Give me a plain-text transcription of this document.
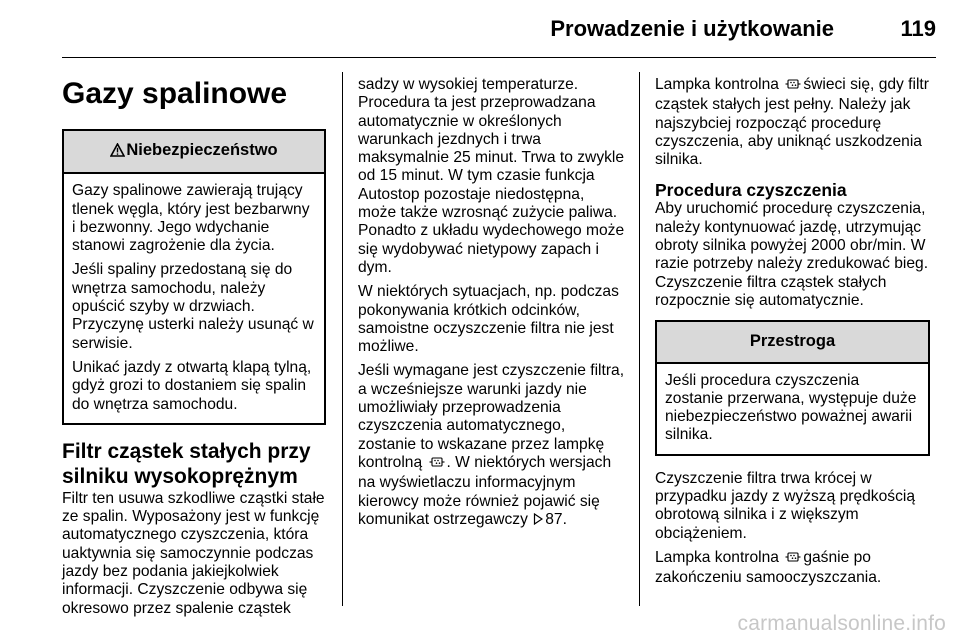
Prowadzenie i użytkowanie	119
Gazy spalinowe
Niebezpieczeństwo

Gazy spalinowe zawierają trujący tlenek węgla, który jest bezbarwny i bezwonny. Jego wdychanie stanowi zagrożenie dla życia.

Jeśli spaliny przedostaną się do wnętrza samochodu, należy opuścić szyby w drzwiach. Przyczynę usterki należy usunąć w serwisie.

Unikać jazdy z otwartą klapą tylną, gdyż grozi to dostaniem się spalin do wnętrza samochodu.

Filtr cząstek stałych przy silniku wysokoprężnym

Filtr ten usuwa szkodliwe cząstki stałe ze spalin. Wyposażony jest w funkcję automatycznego czyszczenia, która uaktywnia się samoczynnie podczas jazdy bez podania jakiejkolwiek informacji. Czyszczenie odbywa się okresowo przez spalenie cząstek

sadzy w wysokiej temperaturze. Procedura ta jest przeprowadzana automatycznie w określonych warunkach jezdnych i trwa maksymalnie 25 minut. Trwa to zwykle od 15 minut. W tym czasie funkcja Autostop pozostaje niedostępna, może także wzrosnąć zużycie paliwa. Ponadto z układu wydechowego może się wydobywać nietypowy zapach i dym.

W niektórych sytuacjach, np. podczas pokonywania krótkich odcinków, samoistne oczyszczenie filtra nie jest możliwe.

Jeśli wymagane jest czyszczenie filtra, a wcześniejsze warunki jazdy nie umożliwiały przeprowadzenia czyszczenia automatycznego, zostanie to wskazane przez lampkę kontrolną . W niektórych wersjach na wyświetlaczu informacyjnym kierowcy może również pojawić się komunikat ostrzegawczy 87.

Lampka kontrolna świeci się, gdy filtr cząstek stałych jest pełny. Należy jak najszybciej rozpocząć procedurę czyszczenia, aby uniknąć uszkodzenia silnika.

Procedura czyszczenia

Aby uruchomić procedurę czyszczenia, należy kontynuować jazdę, utrzymując obroty silnika powyżej 2000 obr/min. W razie potrzeby należy zredukować bieg. Czyszczenie filtra cząstek stałych rozpocznie się automatycznie.

Przestroga

Jeśli procedura czyszczenia zostanie przerwana, występuje duże niebezpieczeństwo poważnej awarii silnika.

Czyszczenie filtra trwa krócej w przypadku jazdy z wyższą prędkością obrotową silnika i z większym obciążeniem.

Lampka kontrolna gaśnie po zakończeniu samooczyszczania.

carmanualsonline.info
